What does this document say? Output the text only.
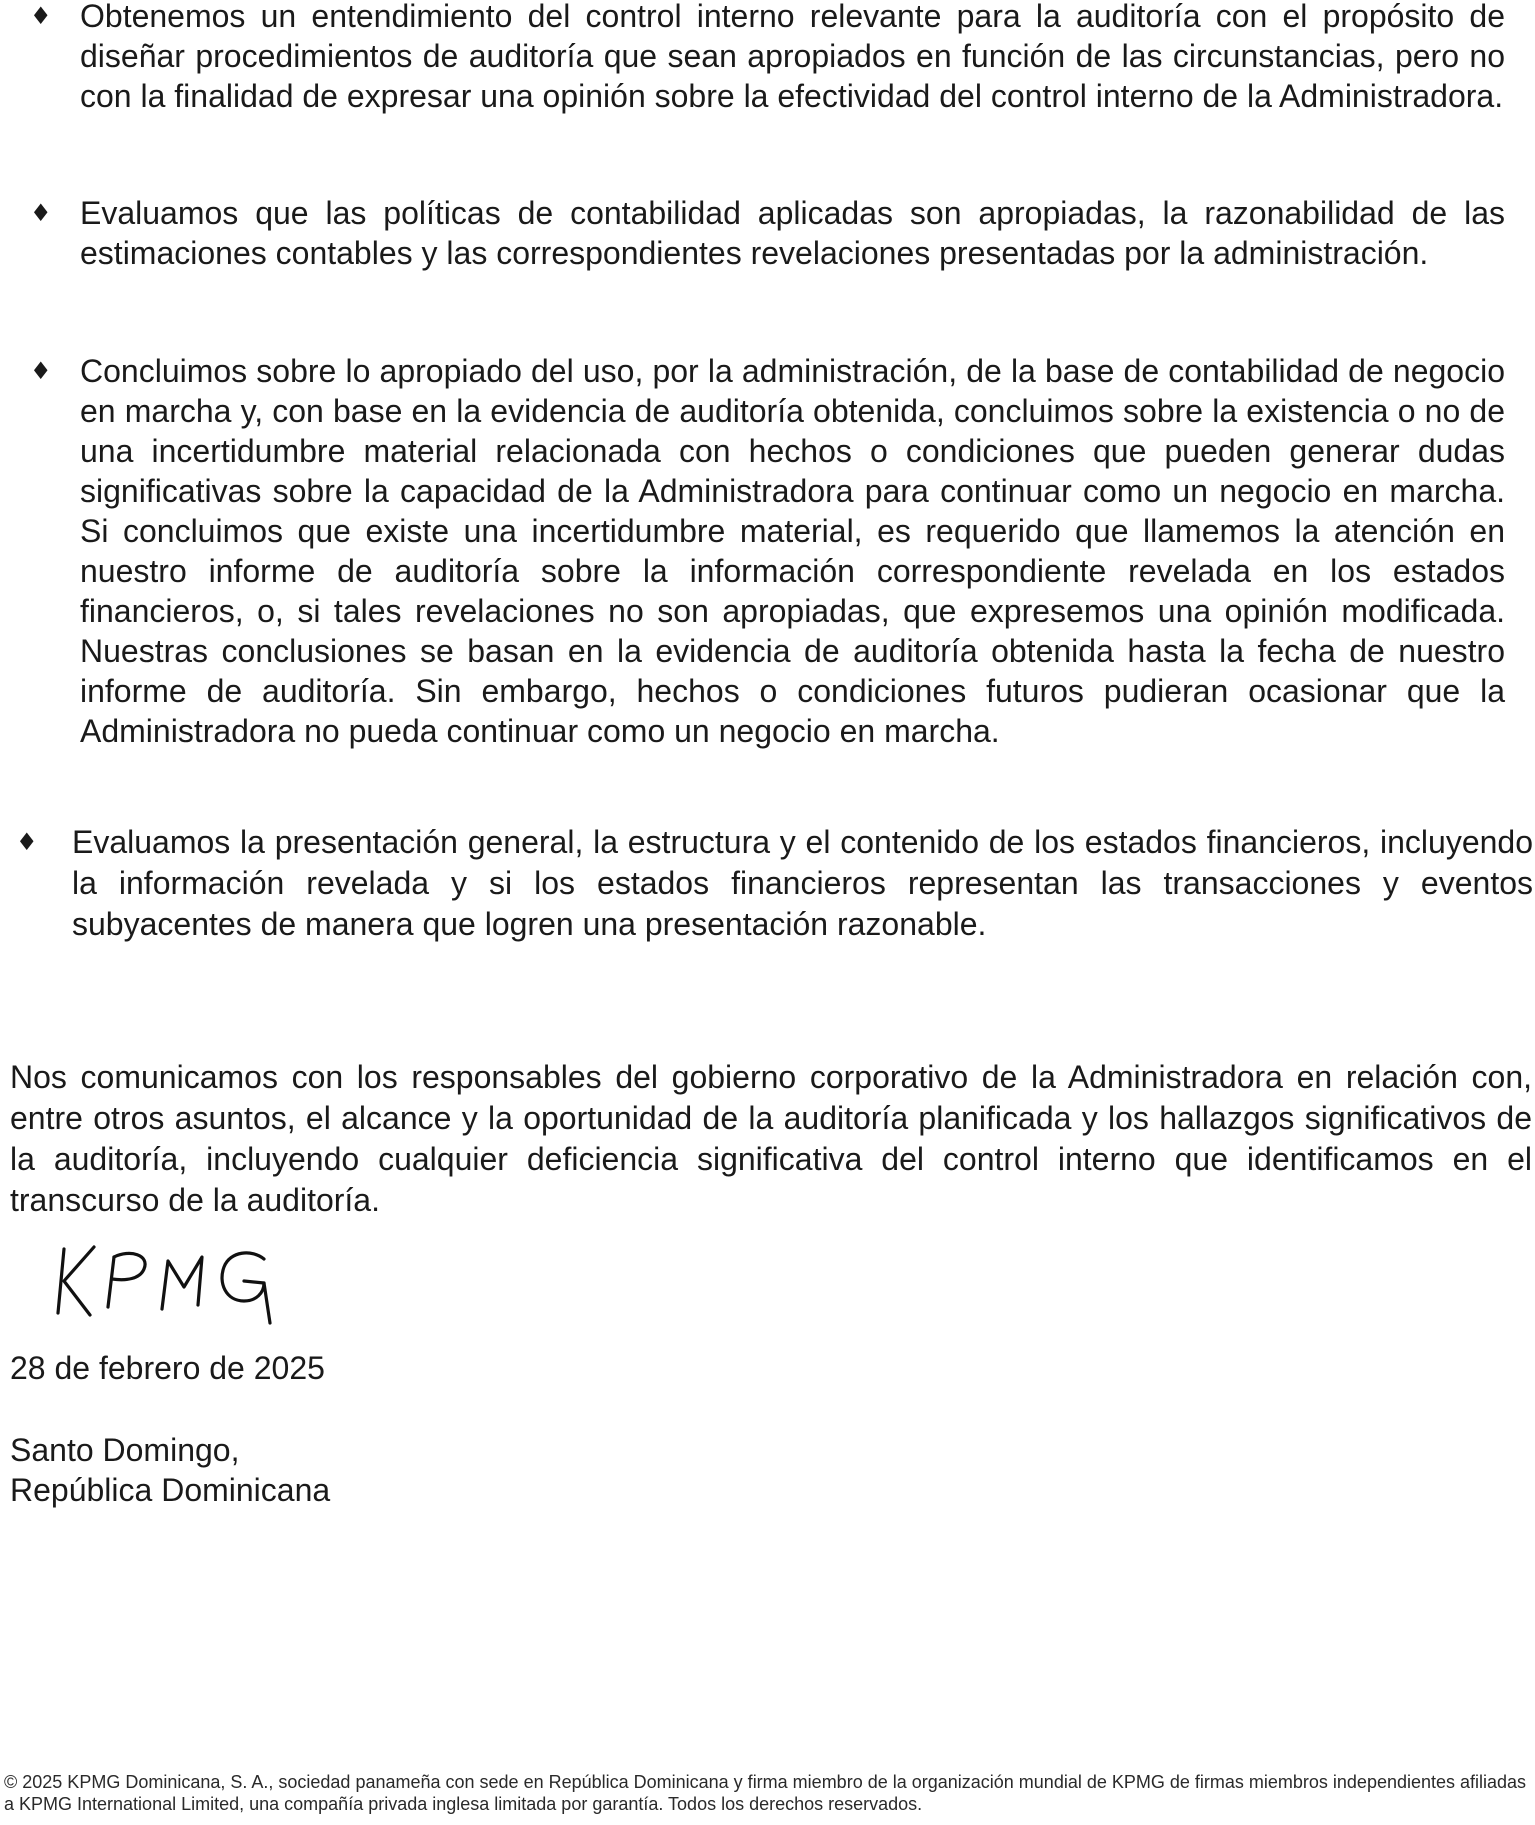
♦ Obtenemos un entendimiento del control interno relevante para la auditoría con el propósito de diseñar procedimientos de auditoría que sean apropiados en función de las circunstancias, pero no con la finalidad de expresar una opinión sobre la efectividad del control interno de la Administradora.
♦ Evaluamos que las políticas de contabilidad aplicadas son apropiadas, la razonabilidad de las estimaciones contables y las correspondientes revelaciones presentadas por la administración.
♦ Concluimos sobre lo apropiado del uso, por la administración, de la base de contabilidad de negocio en marcha y, con base en la evidencia de auditoría obtenida, concluimos sobre la existencia o no de una incertidumbre material relacionada con hechos o condiciones que pueden generar dudas significativas sobre la capacidad de la Administradora para continuar como un negocio en marcha. Si concluimos que existe una incertidumbre material, es requerido que llamemos la atención en nuestro informe de auditoría sobre la información correspondiente revelada en los estados financieros, o, si tales revelaciones no son apropiadas, que expresemos una opinión modificada. Nuestras conclusiones se basan en la evidencia de auditoría obtenida hasta la fecha de nuestro informe de auditoría. Sin embargo, hechos o condiciones futuros pudieran ocasionar que la Administradora no pueda continuar como un negocio en marcha.
♦	Evaluamos la presentación general, la estructura y el contenido de los estados financieros, incluyendo la información revelada y si los estados financieros representan las transacciones y eventos subyacentes de manera que logren una presentación razonable.

Nos comunicamos con los responsables del gobierno corporativo de la Administradora en relación con, entre otros asuntos, el alcance y la oportunidad de la auditoría planificada y los hallazgos significativos de la auditoría, incluyendo cualquier deficiencia significativa del control interno que identificamos en el transcurso de la auditoría.

28 de febrero de 2025
Santo Domingo,
República Dominicana
© 2025 KPMG Dominicana, S. A., sociedad panameña con sede en República Dominicana y firma miembro de la organización mundial de KPMG de firmas miembros independientes afiliadas a KPMG International Limited, una compañía privada inglesa limitada por garantía. Todos los derechos reservados.
